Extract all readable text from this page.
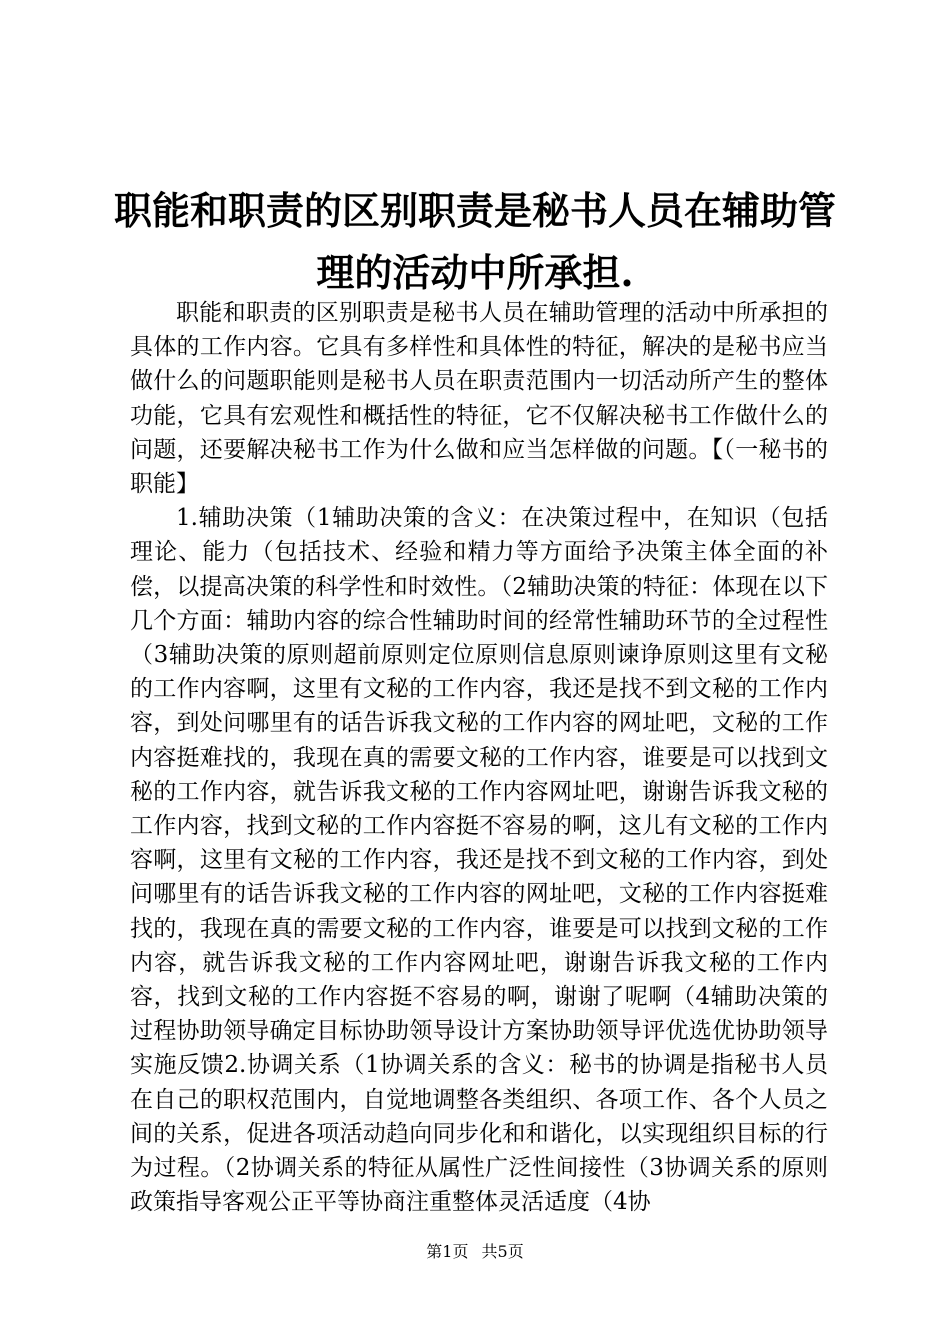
职能和职责的区别职责是秘书人员在辅助管理的活动中所承担.

职能和职责的区别职责是秘书人员在辅助管理的活动中所承担的具体的工作内容。它具有多样性和具体性的特征，解决的是秘书应当做什么的问题职能则是秘书人员在职责范围内一切活动所产生的整体功能，它具有宏观性和概括性的特征，它不仅解决秘书工作做什么的问题，还要解决秘书工作为什么做和应当怎样做的问题。【（一秘书的职能】

1.辅助决策（1辅助决策的含义：在决策过程中，在知识（包括理论、能力（包括技术、经验和精力等方面给予决策主体全面的补偿，以提高决策的科学性和时效性。（2辅助决策的特征：体现在以下几个方面：辅助内容的综合性辅助时间的经常性辅助环节的全过程性（3辅助决策的原则超前原则定位原则信息原则谏诤原则这里有文秘的工作内容啊，这里有文秘的工作内容，我还是找不到文秘的工作内容，到处问哪里有的话告诉我文秘的工作内容的网址吧，文秘的工作内容挺难找的，我现在真的需要文秘的工作内容，谁要是可以找到文秘的工作内容，就告诉我文秘的工作内容网址吧，谢谢告诉我文秘的工作内容，找到文秘的工作内容挺不容易的啊，这儿有文秘的工作内容啊，这里有文秘的工作内容，我还是找不到文秘的工作内容，到处问哪里有的话告诉我文秘的工作内容的网址吧，文秘的工作内容挺难找的，我现在真的需要文秘的工作内容，谁要是可以找到文秘的工作内容，就告诉我文秘的工作内容网址吧，谢谢告诉我文秘的工作内容，找到文秘的工作内容挺不容易的啊，谢谢了呢啊（4辅助决策的过程协助领导确定目标协助领导设计方案协助领导评优选优协助领导实施反馈2.协调关系（1协调关系的含义：秘书的协调是指秘书人员在自己的职权范围内，自觉地调整各类组织、各项工作、各个人员之间的关系，促进各项活动趋向同步化和和谐化，以实现组织目标的行为过程。（2协调关系的特征从属性广泛性间接性（3协调关系的原则政策指导客观公正平等协商注重整体灵活适度（4协

第1页 共5页
